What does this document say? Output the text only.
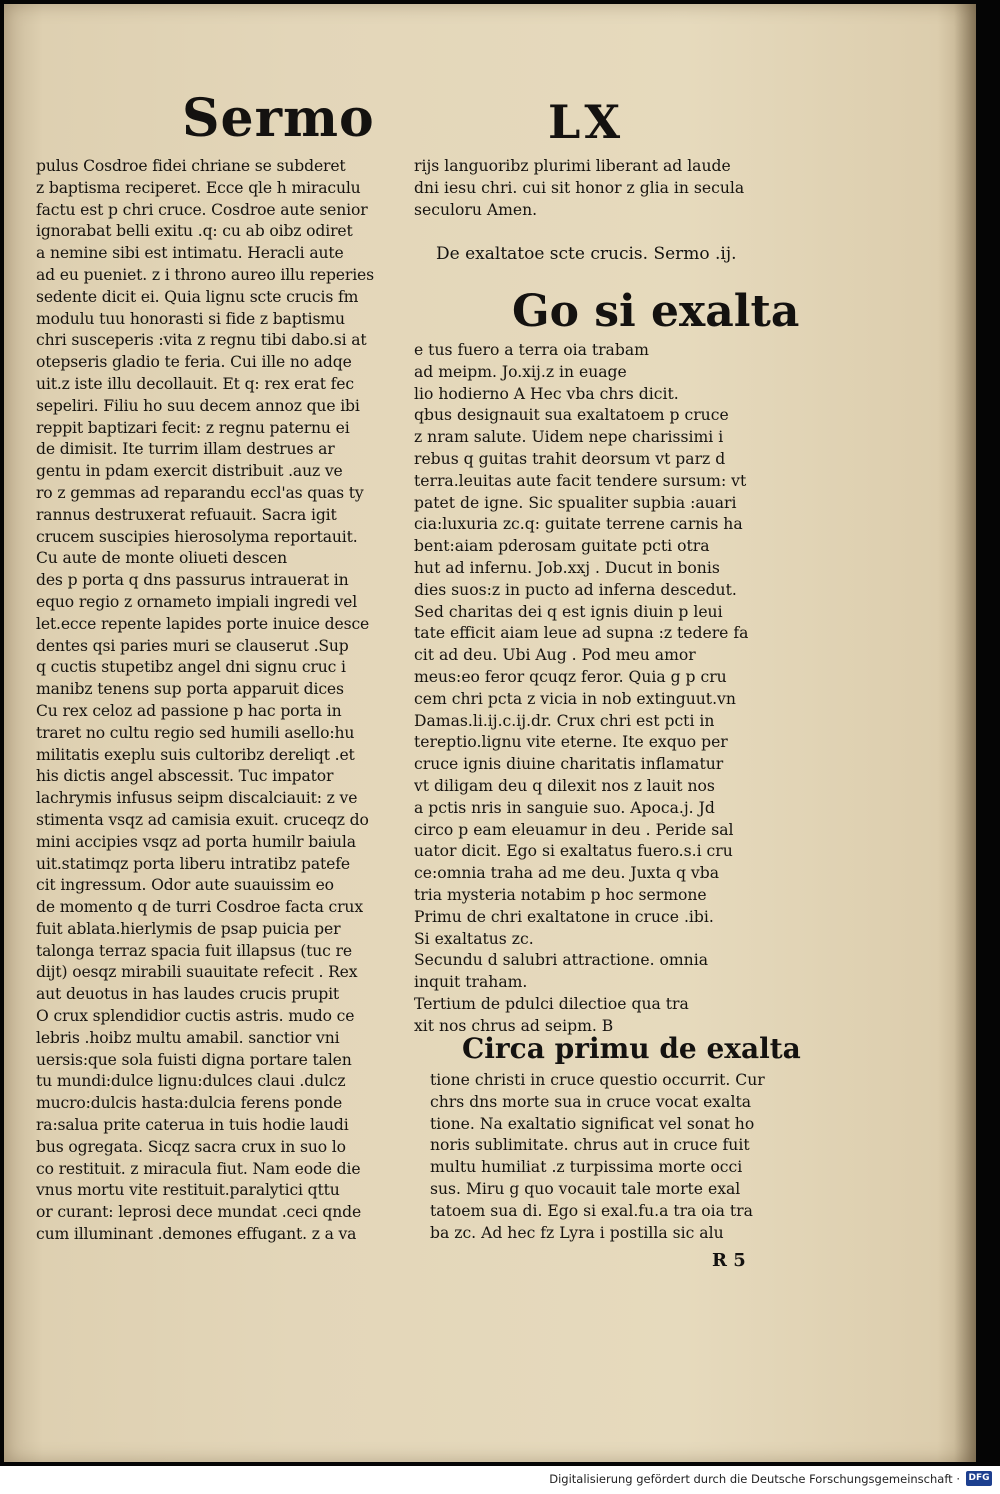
Sermo	LX
pulus Cosdroe fidei chriane se subderet
z baptisma reciperet. Ecce qle h miraculu
factu est p chri cruce. Cosdroe aute senior
ignorabat belli exitu .q: cu ab oibz odiret
a nemine sibi est intimatu. Heracli aute
ad eu pueniet. z i throno aureo illu reperies
sedente dicit ei. Quia lignu scte crucis fm
modulu tuu honorasti si fide z baptismu
chri susceperis :vita z regnu tibi dabo.si at
otepseris gladio te feria. Cui ille no adqe
uit.z iste illu decollauit. Et q: rex erat fec
sepeliri. Filiu ho suu decem annoz que ibi
reppit baptizari fecit: z regnu paternu ei
de dimisit. Ite turrim illam destrues ar
gentu in pdam exercit distribuit .auz ve
ro z gemmas ad reparandu eccl'as quas ty
rannus destruxerat refuauit. Sacra igit
crucem suscipies hierosolyma reportauit.
Cu aute de monte oliueti descen
des p porta q dns passurus intrauerat in
equo regio z ornameto impiali ingredi vel
let.ecce repente lapides porte inuice desce
dentes qsi paries muri se clauserut .Sup
q cuctis stupetibz angel dni signu cruc i
manibz tenens sup porta apparuit dices
Cu rex celoz ad passione p hac porta in
traret no cultu regio sed humili asello:hu
militatis exeplu suis cultoribz dereliqt .et
his dictis angel abscessit. Tuc impator
lachrymis infusus seipm discalciauit: z ve
stimenta vsqz ad camisia exuit. cruceqz do
mini accipies vsqz ad porta humilr baiula
uit.statimqz porta liberu intratibz patefe
cit ingressum. Odor aute suauissim eo
de momento q de turri Cosdroe facta crux
fuit ablata.hierlymis de psap puicia per
talonga terraz spacia fuit illapsus (tuc re
dijt) oesqz mirabili suauitate refecit . Rex
aut deuotus in has laudes crucis prupit
O crux splendidior cuctis astris. mudo ce
lebris .hoibz multu amabil. sanctior vni
uersis:que sola fuisti digna portare talen
tu mundi:dulce lignu:dulces claui .dulcz
mucro:dulcis hasta:dulcia ferens ponde
ra:salua prite caterua in tuis hodie laudi
bus ogregata. Sicqz sacra crux in suo lo
co restituit. z miracula fiut. Nam eode die
vnus mortu vite restituit.paralytici qttu
or curant: leprosi dece mundat .ceci qnde
cum illuminant .demones effugant. z a va
rijs languoribz plurimi liberant ad laude
dni iesu chri. cui sit honor z glia in secula
seculoru Amen.
De exaltatoe scte crucis. Sermo .ij.
Go si exalta
e tus fuero a terra oia trabam
ad meipm. Jo.xij.z in euage
lio hodierno A Hec vba chrs dicit.
qbus designauit sua exaltatoem p cruce
z nram salute. Uidem nepe charissimi i
rebus q guitas trahit deorsum vt parz d
terra.leuitas aute facit tendere sursum: vt
patet de igne. Sic spualiter supbia :auari
cia:luxuria zc.q: guitate terrene carnis ha
bent:aiam pderosam guitate pcti otra
hut ad infernu. Job.xxj . Ducut in bonis
dies suos:z in pucto ad inferna descedut.
Sed charitas dei q est ignis diuin p leui
tate efficit aiam leue ad supna :z tedere fa
cit ad deu. Ubi Aug . Pod meu amor
meus:eo feror qcuqz feror. Quia g p cru
cem chri pcta z vicia in nob extinguut.vn
Damas.li.ij.c.ij.dr. Crux chri est pcti in
tereptio.lignu vite eterne. Ite exquo per
cruce ignis diuine charitatis inflamatur
vt diligam deu q dilexit nos z lauit nos
a pctis nris in sanguie suo. Apoca.j. Jd
circo p eam eleuamur in deu . Peride sal
uator dicit. Ego si exaltatus fuero.s.i cru
ce:omnia traha ad me deu. Juxta q vba
tria mysteria notabim p hoc sermone
Primu de chri exaltatone in cruce .ibi.
Si exaltatus zc.
Secundu d salubri attractione. omnia
inquit traham.
Tertium de pdulci dilectioe qua tra
xit nos chrus ad seipm. B
Circa primu de exalta
tione christi in cruce questio occurrit. Cur
chrs dns morte sua in cruce vocat exalta
tione. Na exaltatio significat vel sonat ho
noris sublimitate. chrus aut in cruce fuit
multu humiliat .z turpissima morte occi
sus. Miru g quo vocauit tale morte exal
tatoem sua di. Ego si exal.fu.a tra oia tra
ba zc. Ad hec fz Lyra i postilla sic alu
R 5
Digitalisierung gefördert durch die Deutsche Forschungsgemeinschaft · DFG
